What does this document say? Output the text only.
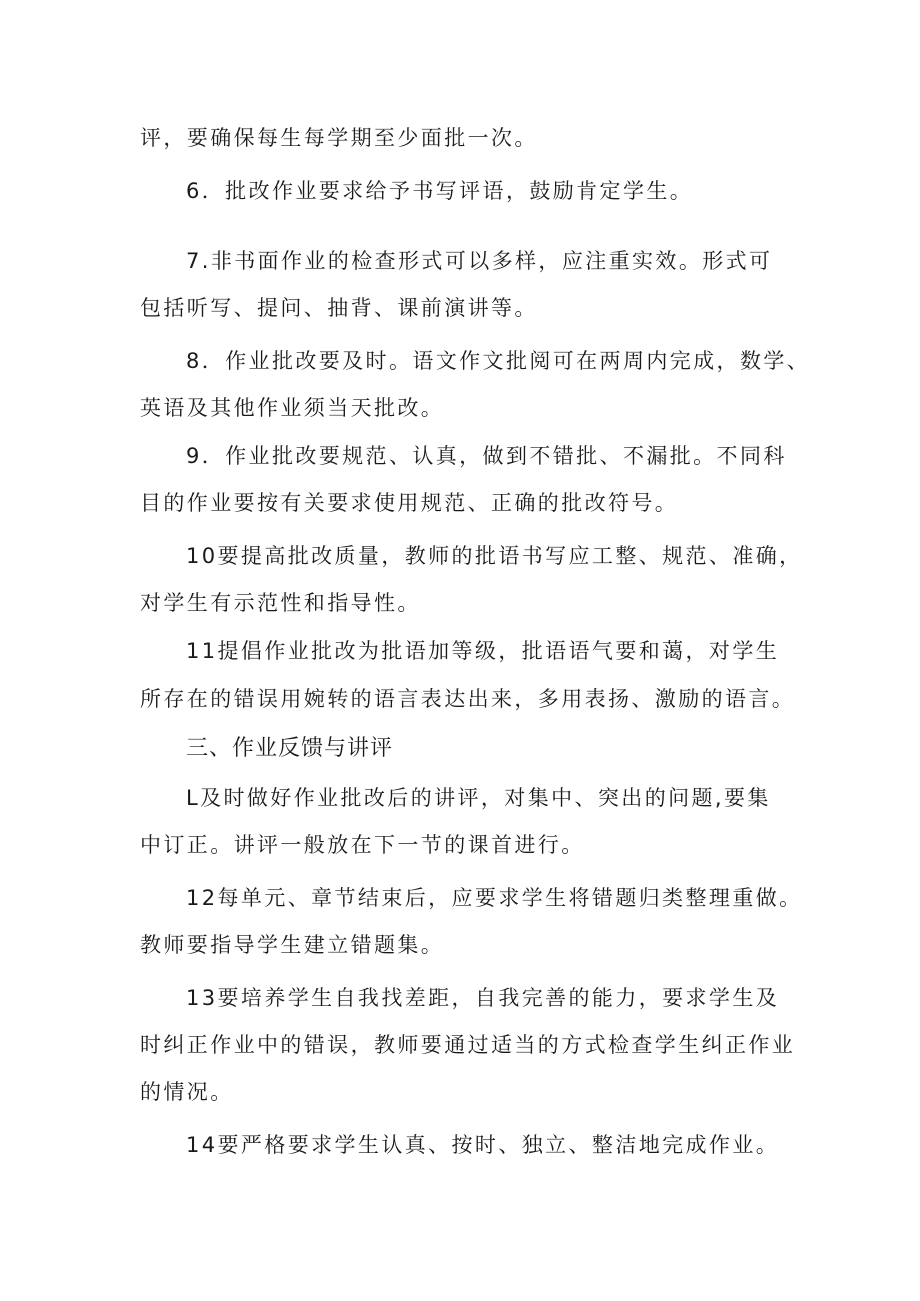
评，要确保每生每学期至少面批一次。

6．批改作业要求给予书写评语，鼓励肯定学生。

7.非书面作业的检查形式可以多样，应注重实效。形式可

包括听写、提问、抽背、课前演讲等。

8．作业批改要及时。语文作文批阅可在两周内完成，数学、

英语及其他作业须当天批改。

9．作业批改要规范、认真，做到不错批、不漏批。不同科

目的作业要按有关要求使用规范、正确的批改符号。

10要提高批改质量，教师的批语书写应工整、规范、准确，

对学生有示范性和指导性。

11提倡作业批改为批语加等级，批语语气要和蔼，对学生

所存在的错误用婉转的语言表达出来，多用表扬、激励的语言。

三、作业反馈与讲评

L及时做好作业批改后的讲评，对集中、突出的问题,要集

中订正。讲评一般放在下一节的课首进行。

12每单元、章节结束后，应要求学生将错题归类整理重做。

教师要指导学生建立错题集。

13要培养学生自我找差距，自我完善的能力，要求学生及

时纠正作业中的错误，教师要通过适当的方式检查学生纠正作业

的情况。

14要严格要求学生认真、按时、独立、整洁地完成作业。
